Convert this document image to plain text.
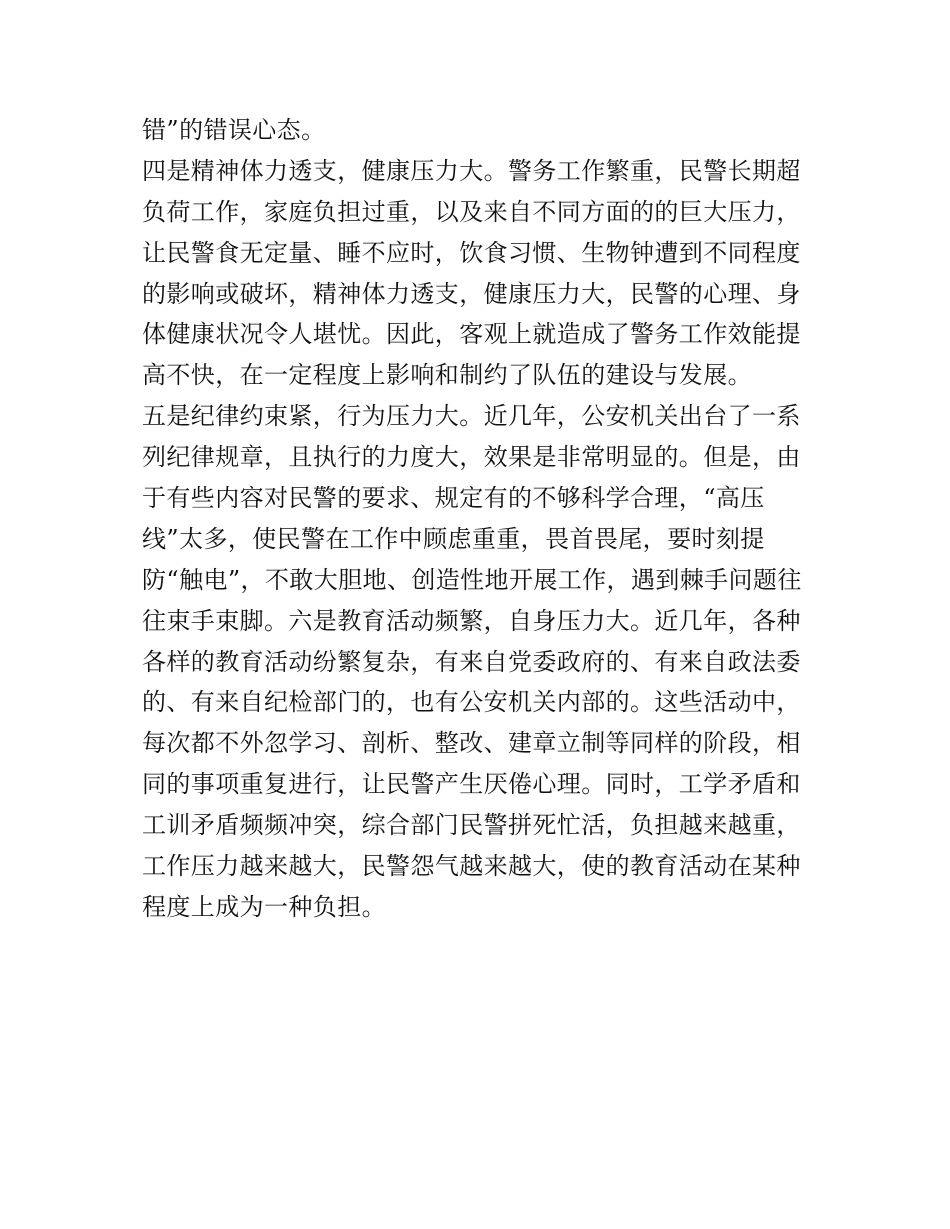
错”的错误心态。
四是精神体力透支，健康压力大。警务工作繁重，民警长期超
负荷工作，家庭负担过重，以及来自不同方面的的巨大压力，
让民警食无定量、睡不应时，饮食习惯、生物钟遭到不同程度
的影响或破坏，精神体力透支，健康压力大，民警的心理、身
体健康状况令人堪忧。因此，客观上就造成了警务工作效能提
高不快，在一定程度上影响和制约了队伍的建设与发展。
五是纪律约束紧，行为压力大。近几年，公安机关出台了一系
列纪律规章，且执行的力度大，效果是非常明显的。但是，由
于有些内容对民警的要求、规定有的不够科学合理，“高压
线”太多，使民警在工作中顾虑重重，畏首畏尾，要时刻提
防“触电”，不敢大胆地、创造性地开展工作，遇到棘手问题往
往束手束脚。六是教育活动频繁，自身压力大。近几年，各种
各样的教育活动纷繁复杂，有来自党委政府的、有来自政法委
的、有来自纪检部门的，也有公安机关内部的。这些活动中，
每次都不外忽学习、剖析、整改、建章立制等同样的阶段，相
同的事项重复进行，让民警产生厌倦心理。同时，工学矛盾和
工训矛盾频频冲突，综合部门民警拼死忙活，负担越来越重，
工作压力越来越大，民警怨气越来越大，使的教育活动在某种
程度上成为一种负担。
